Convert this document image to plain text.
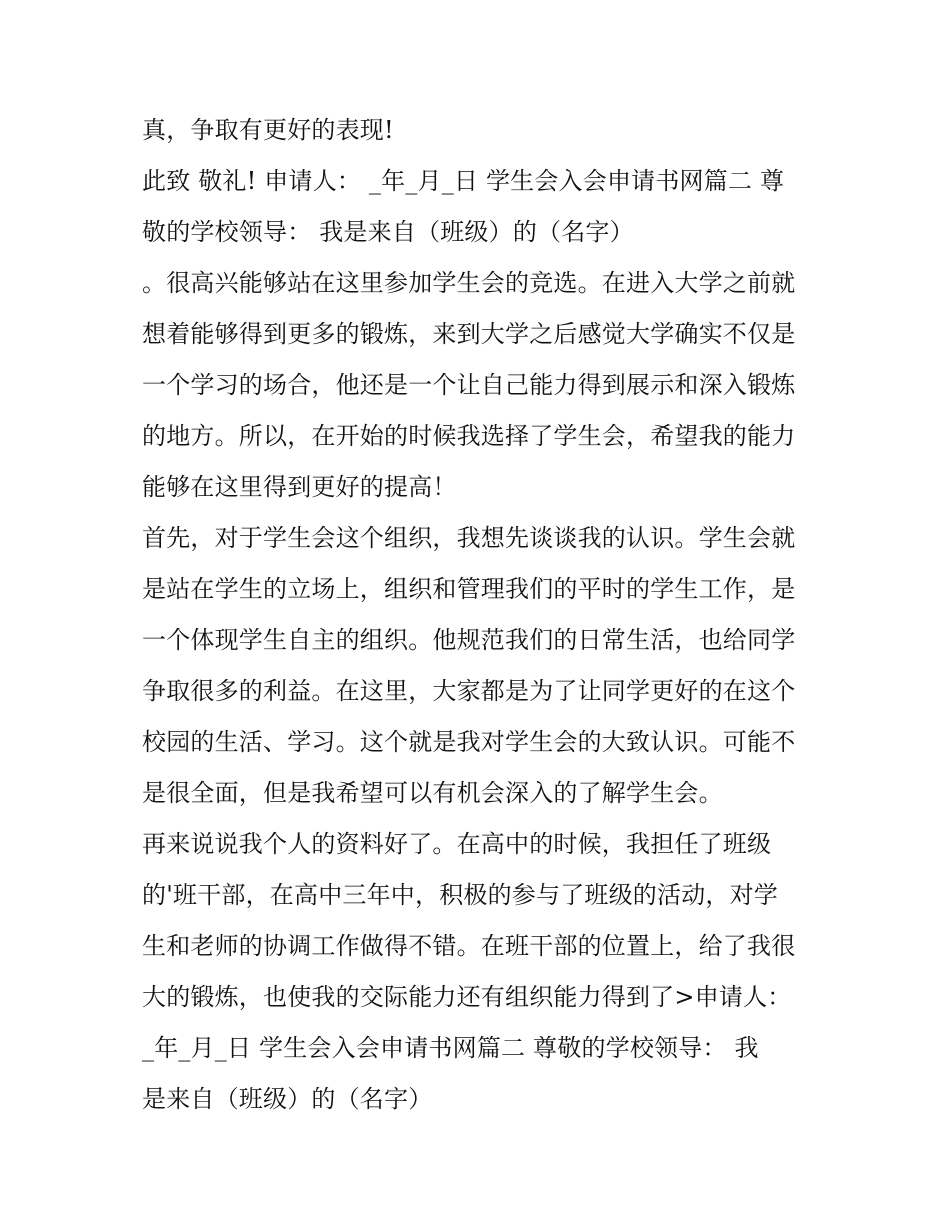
真，争取有更好的表现!
此致 敬礼! 申请人： _年_月_日 学生会入会申请书网篇二 尊
敬的学校领导： 我是来自（班级）的（名字）
。很高兴能够站在这里参加学生会的竞选。在进入大学之前就
想着能够得到更多的锻炼，来到大学之后感觉大学确实不仅是
一个学习的场合，他还是一个让自己能力得到展示和深入锻炼
的地方。所以，在开始的时候我选择了学生会，希望我的能力
能够在这里得到更好的提高！
首先，对于学生会这个组织，我想先谈谈我的认识。学生会就
是站在学生的立场上，组织和管理我们的平时的学生工作，是
一个体现学生自主的组织。他规范我们的日常生活，也给同学
争取很多的利益。在这里，大家都是为了让同学更好的在这个
校园的生活、学习。这个就是我对学生会的大致认识。可能不
是很全面，但是我希望可以有机会深入的了解学生会。
再来说说我个人的资料好了。在高中的时候，我担任了班级
的'班干部，在高中三年中，积极的参与了班级的活动，对学
生和老师的协调工作做得不错。在班干部的位置上，给了我很
大的锻炼，也使我的交际能力还有组织能力得到了>申请人：
_年_月_日 学生会入会申请书网篇二 尊敬的学校领导： 我
是来自（班级）的（名字）
